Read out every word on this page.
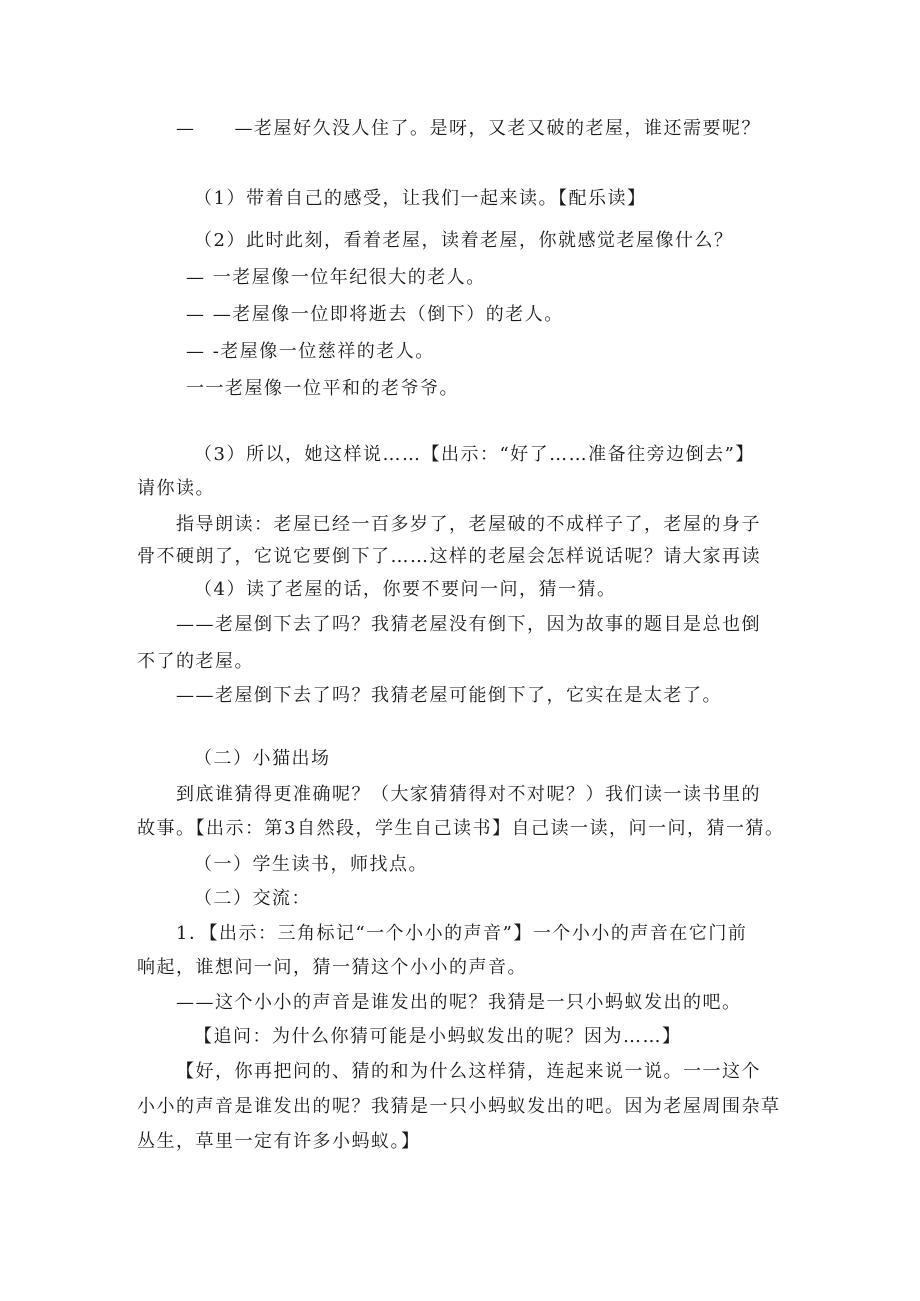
—　　—老屋好久没人住了。是呀，又老又破的老屋，谁还需要呢？
（1）带着自己的感受，让我们一起来读。【配乐读】
（2）此时此刻，看着老屋，读着老屋，你就感觉老屋像什么？
— 一老屋像一位年纪很大的老人。
— —老屋像一位即将逝去（倒下）的老人。
— -老屋像一位慈祥的老人。
一一老屋像一位平和的老爷爷。
（3）所以，她这样说……【出示：“好了……准备往旁边倒去”】
请你读。
指导朗读：老屋已经一百多岁了，老屋破的不成样子了，老屋的身子
骨不硬朗了，它说它要倒下了……这样的老屋会怎样说话呢？请大家再读
（4）读了老屋的话，你要不要问一问，猜一猜。
——老屋倒下去了吗？我猜老屋没有倒下，因为故事的题目是总也倒
不了的老屋。
——老屋倒下去了吗？我猜老屋可能倒下了，它实在是太老了。
（二）小猫出场
到底谁猜得更准确呢？（大家猜猜得对不对呢？）我们读一读书里的
故事。【出示：第3自然段，学生自己读书】自己读一读，问一问，猜一猜。
（一）学生读书，师找点。
（二）交流：
1．【出示：三角标记“一个小小的声音”】一个小小的声音在它门前
响起，谁想问一问，猜一猜这个小小的声音。
——这个小小的声音是谁发出的呢？我猜是一只小蚂蚁发出的吧。
【追问：为什么你猜可能是小蚂蚁发出的呢？因为……】
【好，你再把问的、猜的和为什么这样猜，连起来说一说。一一这个
小小的声音是谁发出的呢？我猜是一只小蚂蚁发出的吧。因为老屋周围杂草
丛生，草里一定有许多小蚂蚁。】
